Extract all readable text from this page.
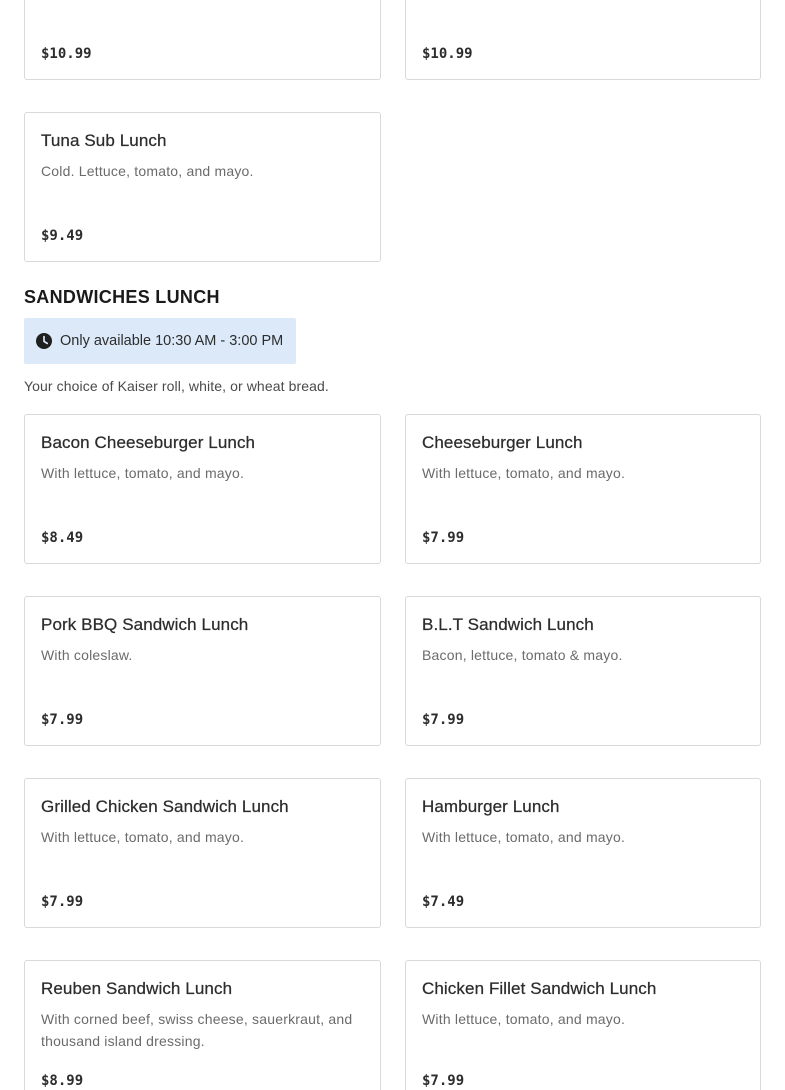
$10.99	$10.99
Tuna Sub Lunch
Cold. Lettuce, tomato, and mayo.
$9.49
SANDWICHES LUNCH
Only available 10:30 AM - 3:00 PM
Your choice of Kaiser roll, white, or wheat bread.
Bacon Cheeseburger Lunch
With lettuce, tomato, and mayo.
$8.49
Cheeseburger Lunch
With lettuce, tomato, and mayo.
$7.99
Pork BBQ Sandwich Lunch
With coleslaw.
$7.99
B.L.T Sandwich Lunch
Bacon, lettuce, tomato & mayo.
$7.99
Grilled Chicken Sandwich Lunch
With lettuce, tomato, and mayo.
$7.99
Hamburger Lunch
With lettuce, tomato, and mayo.
$7.49
Reuben Sandwich Lunch
With corned beef, swiss cheese, sauerkraut, and thousand island dressing.
$8.99
Chicken Fillet Sandwich Lunch
With lettuce, tomato, and mayo.
$7.99
